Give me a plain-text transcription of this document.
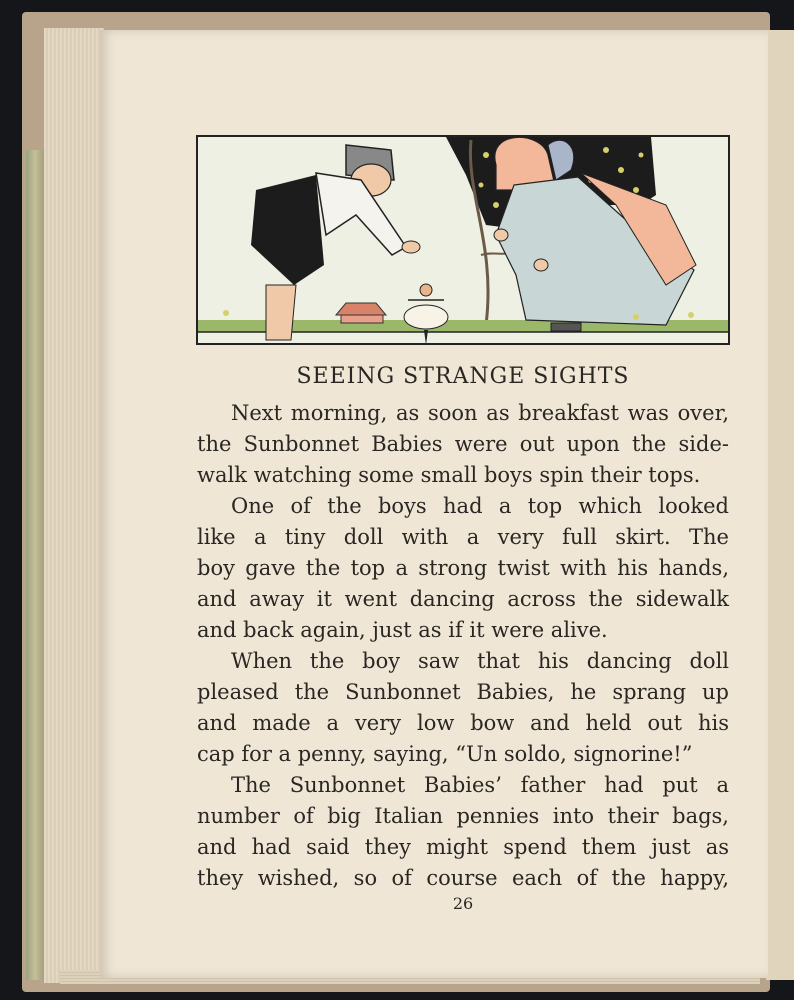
SEEING STRANGE SIGHTS
Next morning, as soon as breakfast was over,
the Sunbonnet Babies were out upon the side-
walk watching some small boys spin their tops.
One of the boys had a top which looked
like a tiny doll with a very full skirt. The
boy gave the top a strong twist with his hands,
and away it went dancing across the sidewalk
and back again, just as if it were alive.
When the boy saw that his dancing doll
pleased the Sunbonnet Babies, he sprang up
and made a very low bow and held out his
cap for a penny, saying, “Un soldo, signorine!”
The Sunbonnet Babies’ father had put a
number of big Italian pennies into their bags,
and had said they might spend them just as
they wished, so of course each of the happy,
26
